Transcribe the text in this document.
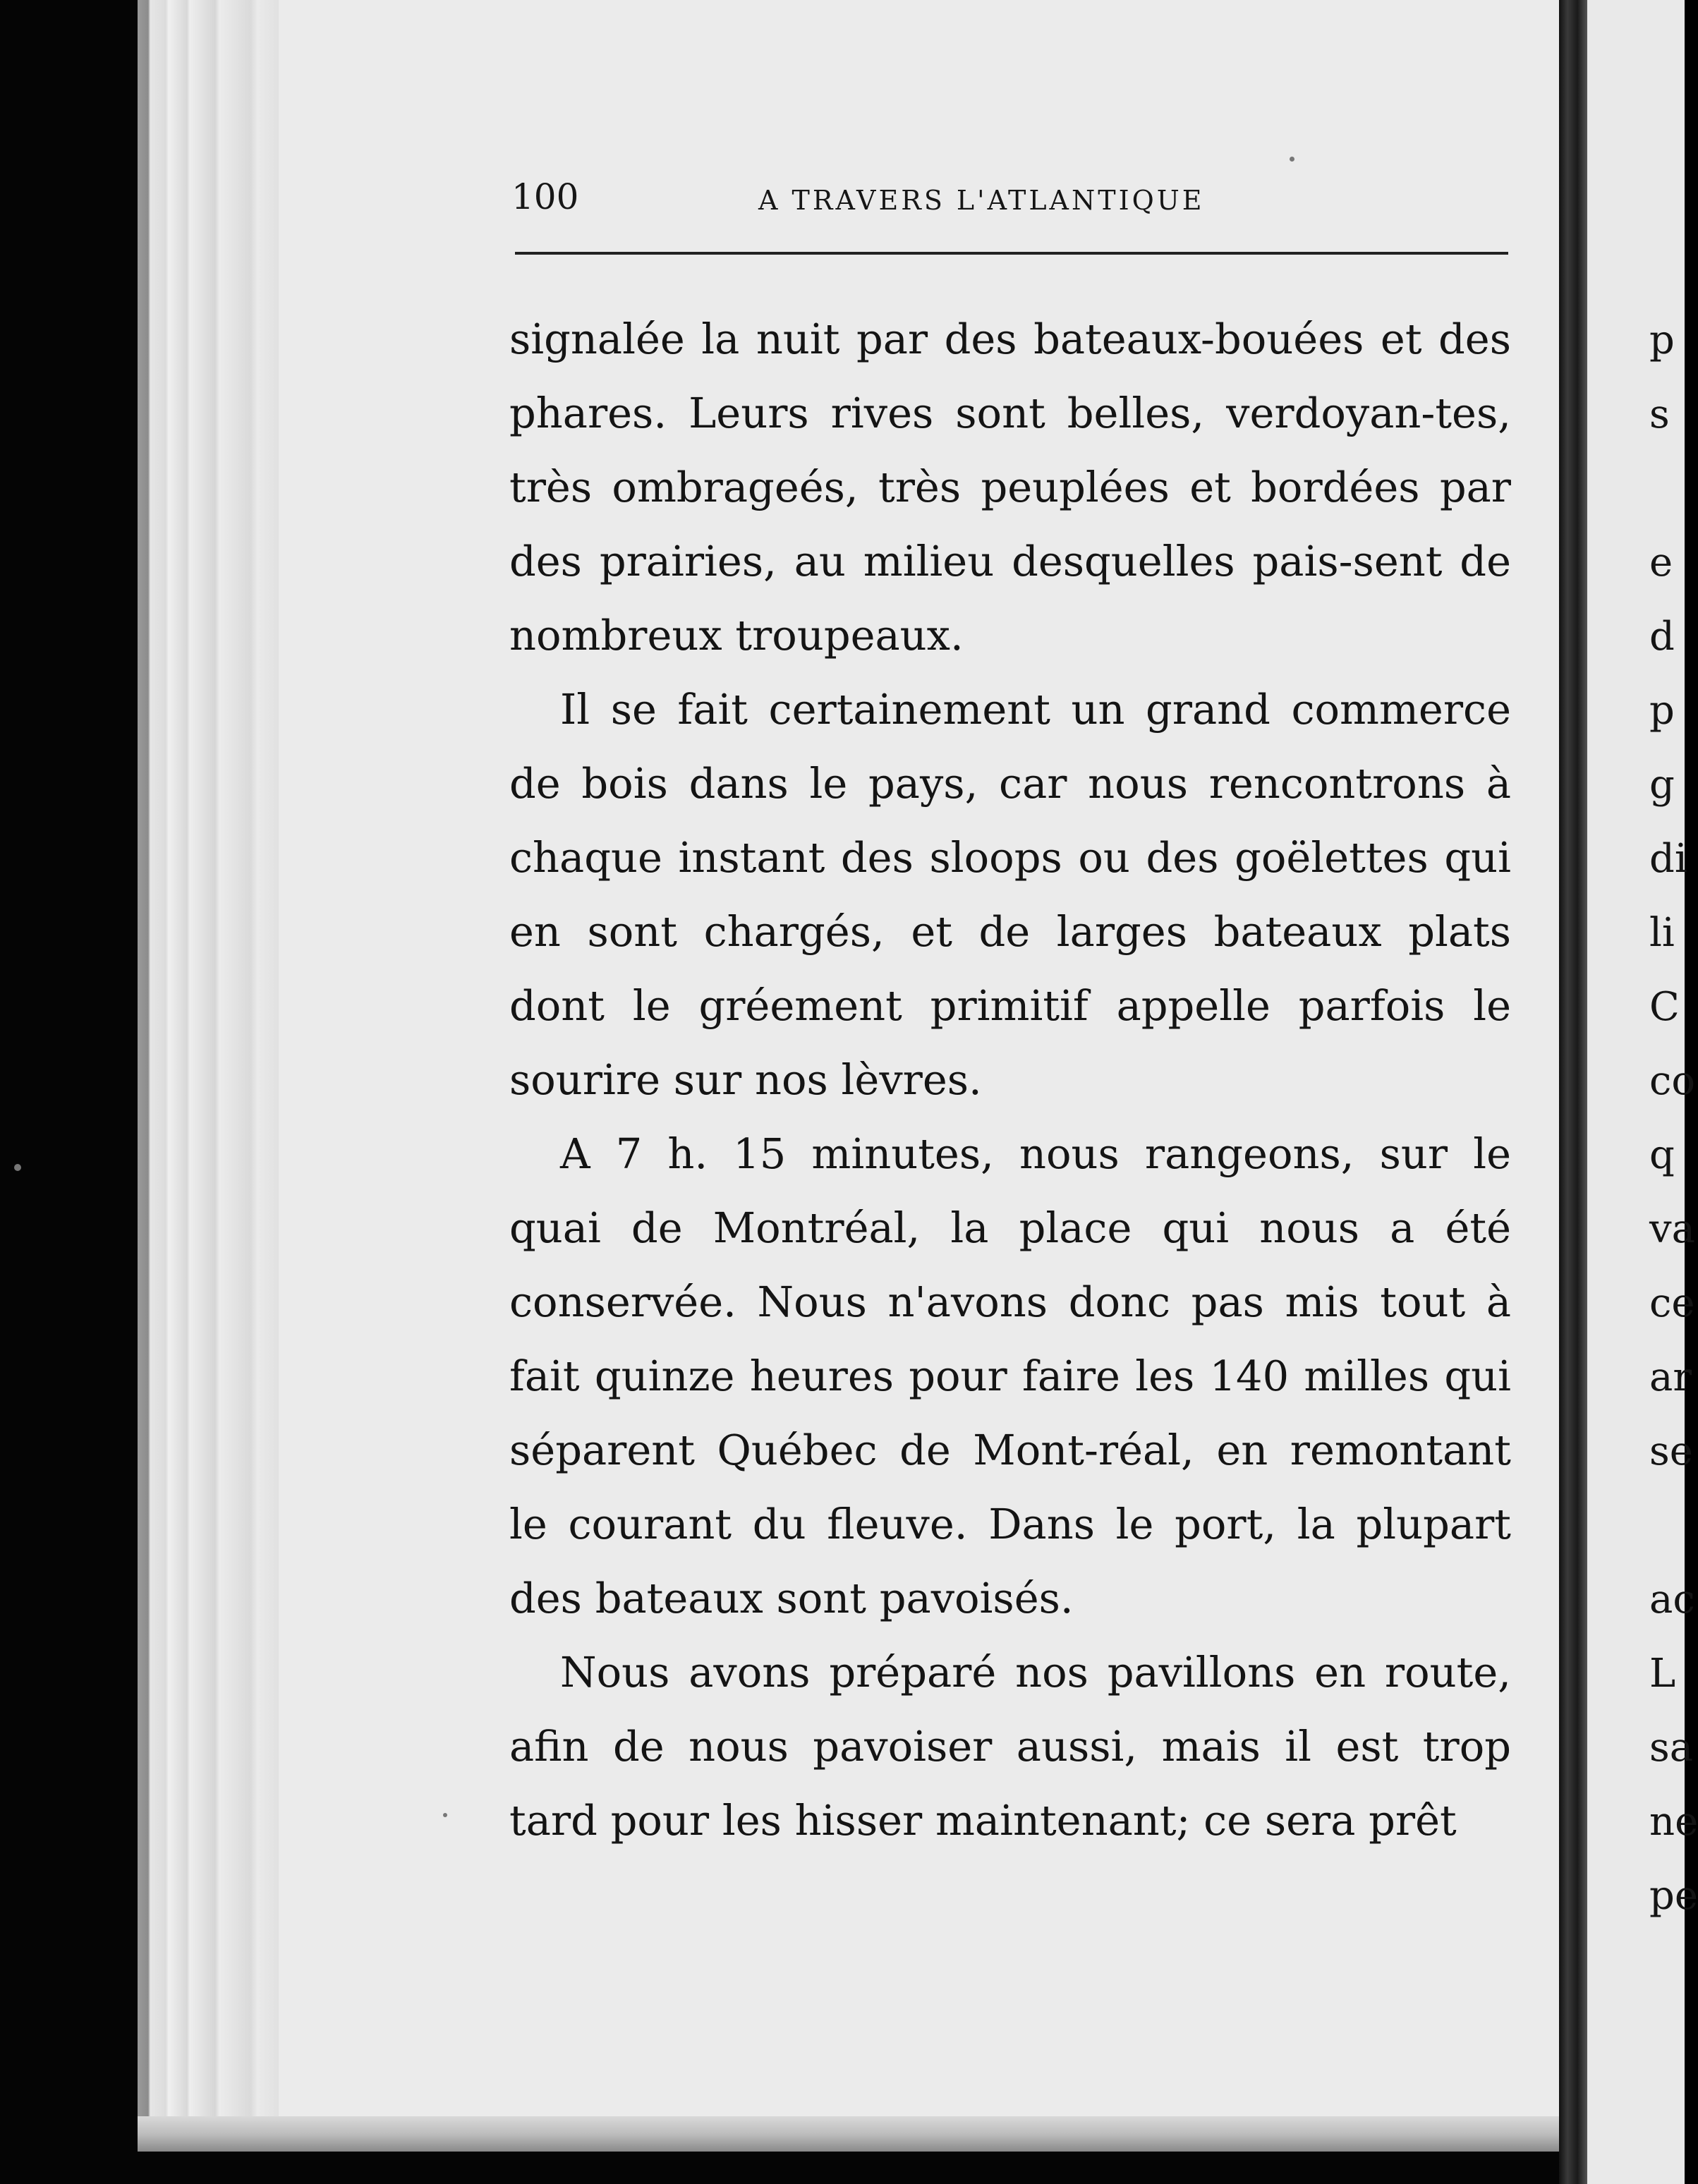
p
s
e
d
p
g
di
li
C
co
q
va
ce
ar
se
ac
L
sa
ne
pe
100	A TRAVERS L'ATLANTIQUE

signalée la nuit par des bateaux-bouées et des phares. Leurs rives sont belles, verdoyan-tes, très ombrageés, très peuplées et bordées par des prairies, au milieu desquelles pais-sent de nombreux troupeaux.

Il se fait certainement un grand commerce de bois dans le pays, car nous rencontrons à chaque instant des sloops ou des goëlettes qui en sont chargés, et de larges bateaux plats dont le gréement primitif appelle parfois le sourire sur nos lèvres.

A 7 h. 15 minutes, nous rangeons, sur le quai de Montréal, la place qui nous a été conservée. Nous n'avons donc pas mis tout à fait quinze heures pour faire les 140 milles qui séparent Québec de Mont-réal, en remontant le courant du fleuve. Dans le port, la plupart des bateaux sont pavoisés.

Nous avons préparé nos pavillons en route, afin de nous pavoiser aussi, mais il est trop tard pour les hisser maintenant; ce sera prêt
